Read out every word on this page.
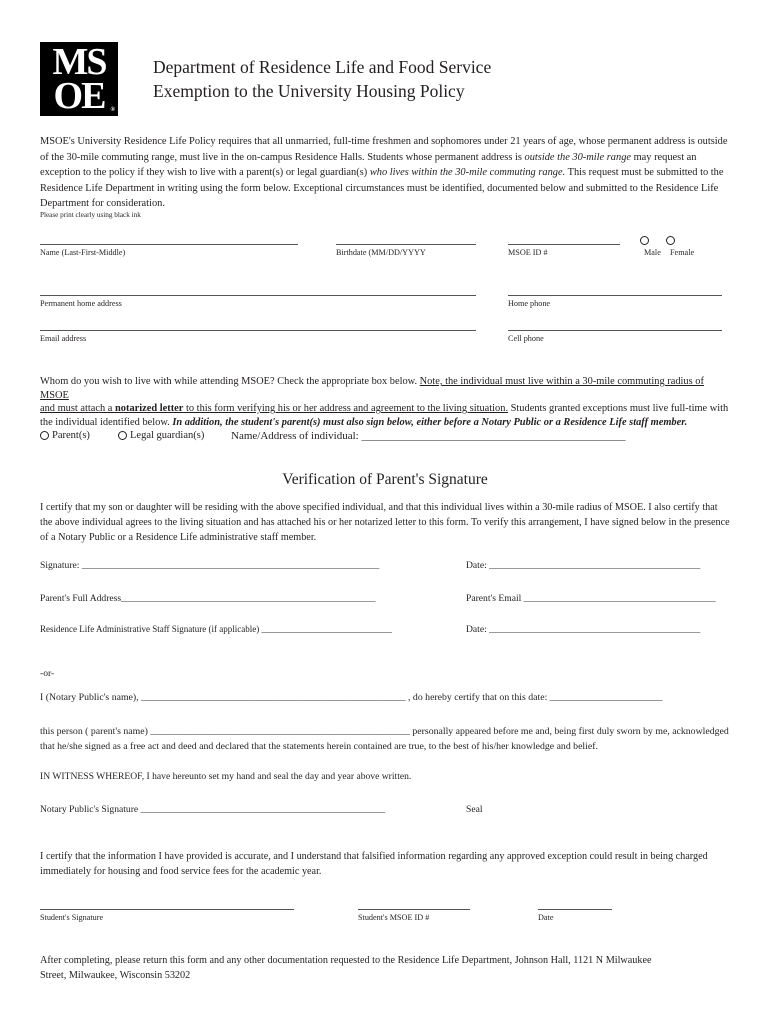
MS
OE ®
Department of Residence Life and Food Service
Exemption to the University Housing Policy
MSOE's University Residence Life Policy requires that all unmarried, full-time freshmen and sophomores under 21 years of age, whose permanent address is outside of the 30-mile commuting range, must live in the on-campus Residence Halls. Students whose permanent address is outside the 30-mile range may request an exception to the policy if they wish to live with a parent(s) or legal guardian(s) who lives within the 30-mile commuting range. This request must be submitted to the Residence Life Department in writing using the form below. Exceptional circumstances must be identified, documented below and submitted to the Residence Life Department for consideration.
Please print clearly using black ink
Name (Last-First-Middle)	Birthdate (MM/DD/YYYY	MSOE ID #	Male Female
Permanent home address	Home phone
Email address	Cell phone
Whom do you wish to live with while attending MSOE? Check the appropriate box below. Note, the individual must live within a 30-mile commuting radius of MSOE
and must attach a notarized letter to this form verifying his or her address and agreement to the living situation. Students granted exceptions must live full-time with the individual identified below. In addition, the student's parent(s) must also sign below, either before a Notary Public or a Residence Life staff member.
Parent(s)	Legal guardian(s) Name/Address of individual: ________________________________________________
Verification of Parent's Signature
I certify that my son or daughter will be residing with the above specified individual, and that this individual lives within a 30-mile radius of MSOE. I also certify that the above individual agrees to the living situation and has attached his or her notarized letter to this form. To verify this arrangement, I have signed below in the presence of a Notary Public or a Residence Life administrative staff member.
Signature: ______________________________________________________________	Date: ____________________________________________
Parent's Full Address_____________________________________________________	Parent's Email ________________________________________
Residence Life Administrative Staff Signature (if applicable) _____________________________	Date: ____________________________________________
-or-
I (Notary Public's name), ______________________________________________________ , do hereby certify that on this date: _______________________
this person ( parent's name) _____________________________________________________ personally appeared before me and, being first duly sworn by me, acknowledged that he/she signed as a free act and deed and declared that the statements herein contained are true, to the best of his/her knowledge and belief.
IN WITNESS WHEREOF, I have hereunto set my hand and seal the day and year above written.
Notary Public's Signature ___________________________________________________	Seal
I certify that the information I have provided is accurate, and I understand that falsified information regarding any approved exception could result in being charged immediately for housing and food service fees for the academic year.
Student's Signature	Student's MSOE ID #	Date
After completing, please return this form and any other documentation requested to the Residence Life Department, Johnson Hall, 1121 N Milwaukee Street, Milwaukee, Wisconsin 53202
